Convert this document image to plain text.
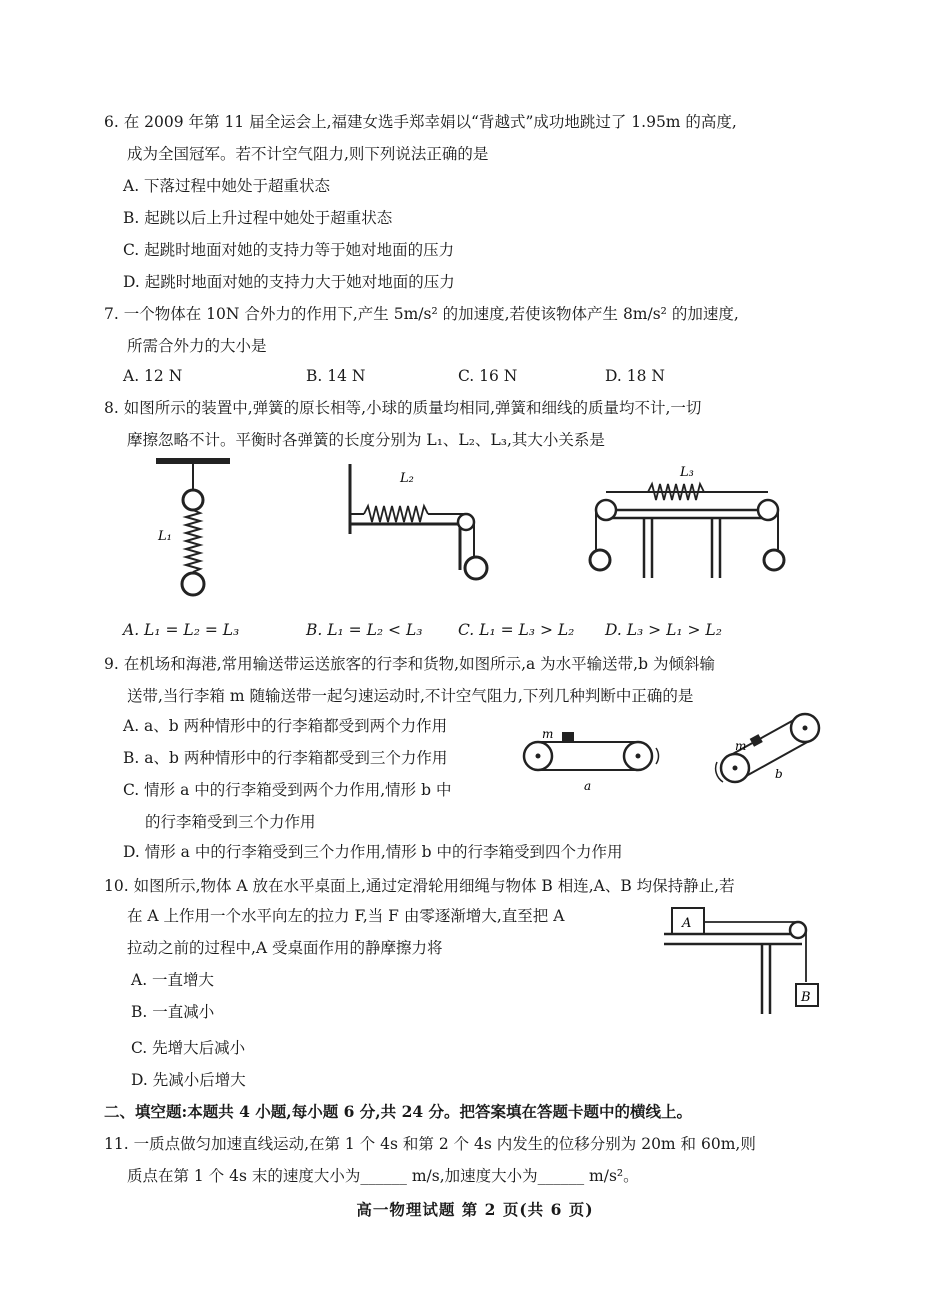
6. 在 2009 年第 11 届全运会上,福建女选手郑幸娟以“背越式”成功地跳过了 1.95m 的高度,
成为全国冠军。若不计空气阻力,则下列说法正确的是
A. 下落过程中她处于超重状态
B. 起跳以后上升过程中她处于超重状态
C. 起跳时地面对她的支持力等于她对地面的压力
D. 起跳时地面对她的支持力大于她对地面的压力
7. 一个物体在 10N 合外力的作用下,产生 5m/s² 的加速度,若使该物体产生 8m/s² 的加速度,
所需合外力的大小是
A. 12 N	B. 14 N	C. 16 N	D. 18 N
8. 如图所示的装置中,弹簧的原长相等,小球的质量均相同,弹簧和细线的质量均不计,一切
摩擦忽略不计。平衡时各弹簧的长度分别为 L₁、L₂、L₃,其大小关系是
L₁
L₂	L₃
A. L₁ = L₂ = L₃	B. L₁ = L₂ < L₃ C. L₁ = L₃ > L₂ D. L₃ > L₁ > L₂
9. 在机场和海港,常用输送带运送旅客的行李和货物,如图所示,a 为水平输送带,b 为倾斜输
送带,当行李箱 m 随输送带一起匀速运动时,不计空气阻力,下列几种判断中正确的是
A. a、b 两种情形中的行李箱都受到两个力作用
B. a、b 两种情形中的行李箱都受到三个力作用
C. 情形 a 中的行李箱受到两个力作用,情形 b 中
的行李箱受到三个力作用
D. 情形 a 中的行李箱受到三个力作用,情形 b 中的行李箱受到四个力作用
m
a
m
b
10. 如图所示,物体 A 放在水平桌面上,通过定滑轮用细绳与物体 B 相连,A、B 均保持静止,若
在 A 上作用一个水平向左的拉力 F,当 F 由零逐渐增大,直至把 A
拉动之前的过程中,A 受桌面作用的静摩擦力将
A. 一直增大
B. 一直减小
C. 先增大后减小
D. 先减小后增大
A
B
二、填空题:本题共 4 小题,每小题 6 分,共 24 分。把答案填在答题卡题中的横线上。
11. 一质点做匀加速直线运动,在第 1 个 4s 和第 2 个 4s 内发生的位移分别为 20m 和 60m,则
质点在第 1 个 4s 末的速度大小为______ m/s,加速度大小为______ m/s²。
高一物理试题 第 2 页(共 6 页)
